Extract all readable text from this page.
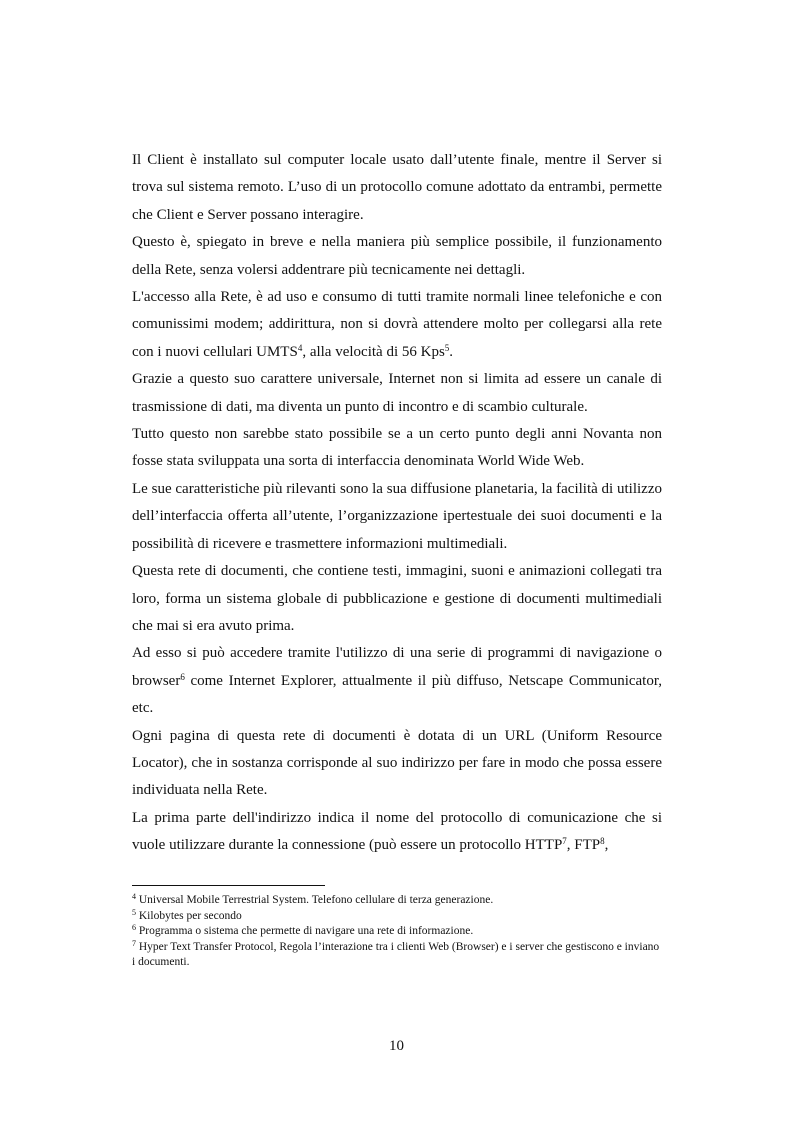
Il Client è installato sul computer locale usato dall’utente finale, mentre il Server si trova sul sistema remoto. L’uso di un protocollo comune adottato da entrambi, permette che Client e Server possano interagire.

Questo è, spiegato in breve e nella maniera più semplice possibile, il funzionamento della Rete, senza volersi addentrare più tecnicamente nei dettagli.

L'accesso alla Rete, è ad uso e consumo di tutti tramite normali linee telefoniche e con comunissimi modem; addirittura, non si dovrà attendere molto per collegarsi alla rete con i nuovi cellulari UMTS$^4$, alla velocità di 56 Kps$^5$.

Grazie a questo suo carattere universale, Internet non si limita ad essere un canale di trasmissione di dati, ma diventa un punto di incontro e di scambio culturale.

Tutto questo non sarebbe stato possibile se a un certo punto degli anni Novanta non fosse stata sviluppata una sorta di interfaccia denominata World Wide Web.

Le sue caratteristiche più rilevanti sono la sua diffusione planetaria, la facilità di utilizzo dell’interfaccia offerta all’utente, l’organizzazione ipertestuale dei suoi documenti e la possibilità di ricevere e trasmettere informazioni multimediali.

Questa rete di documenti, che contiene testi, immagini, suoni e animazioni collegati tra loro, forma un sistema globale di pubblicazione e gestione di documenti multimediali che mai si era avuto prima.

Ad esso si può accedere tramite l'utilizzo di una serie di programmi di navigazione o browser$^6$ come Internet Explorer, attualmente il più diffuso, Netscape Communicator, etc.

Ogni pagina di questa rete di documenti è dotata di un URL (Uniform Resource Locator), che in sostanza corrisponde al suo indirizzo per fare in modo che possa essere individuata nella Rete.

La prima parte dell'indirizzo indica il nome del protocollo di comunicazione che si vuole utilizzare durante la connessione (può essere un protocollo HTTP$^7$, FTP$^8$,

$^4$ Universal Mobile Terrestrial System. Telefono cellulare di terza generazione.

$^5$ Kilobytes per secondo

$^6$ Programma o sistema che permette di navigare una rete di informazione.

$^7$ Hyper Text Transfer Protocol, Regola l’interazione tra i clienti Web (Browser) e i server che gestiscono e inviano i documenti.

10
